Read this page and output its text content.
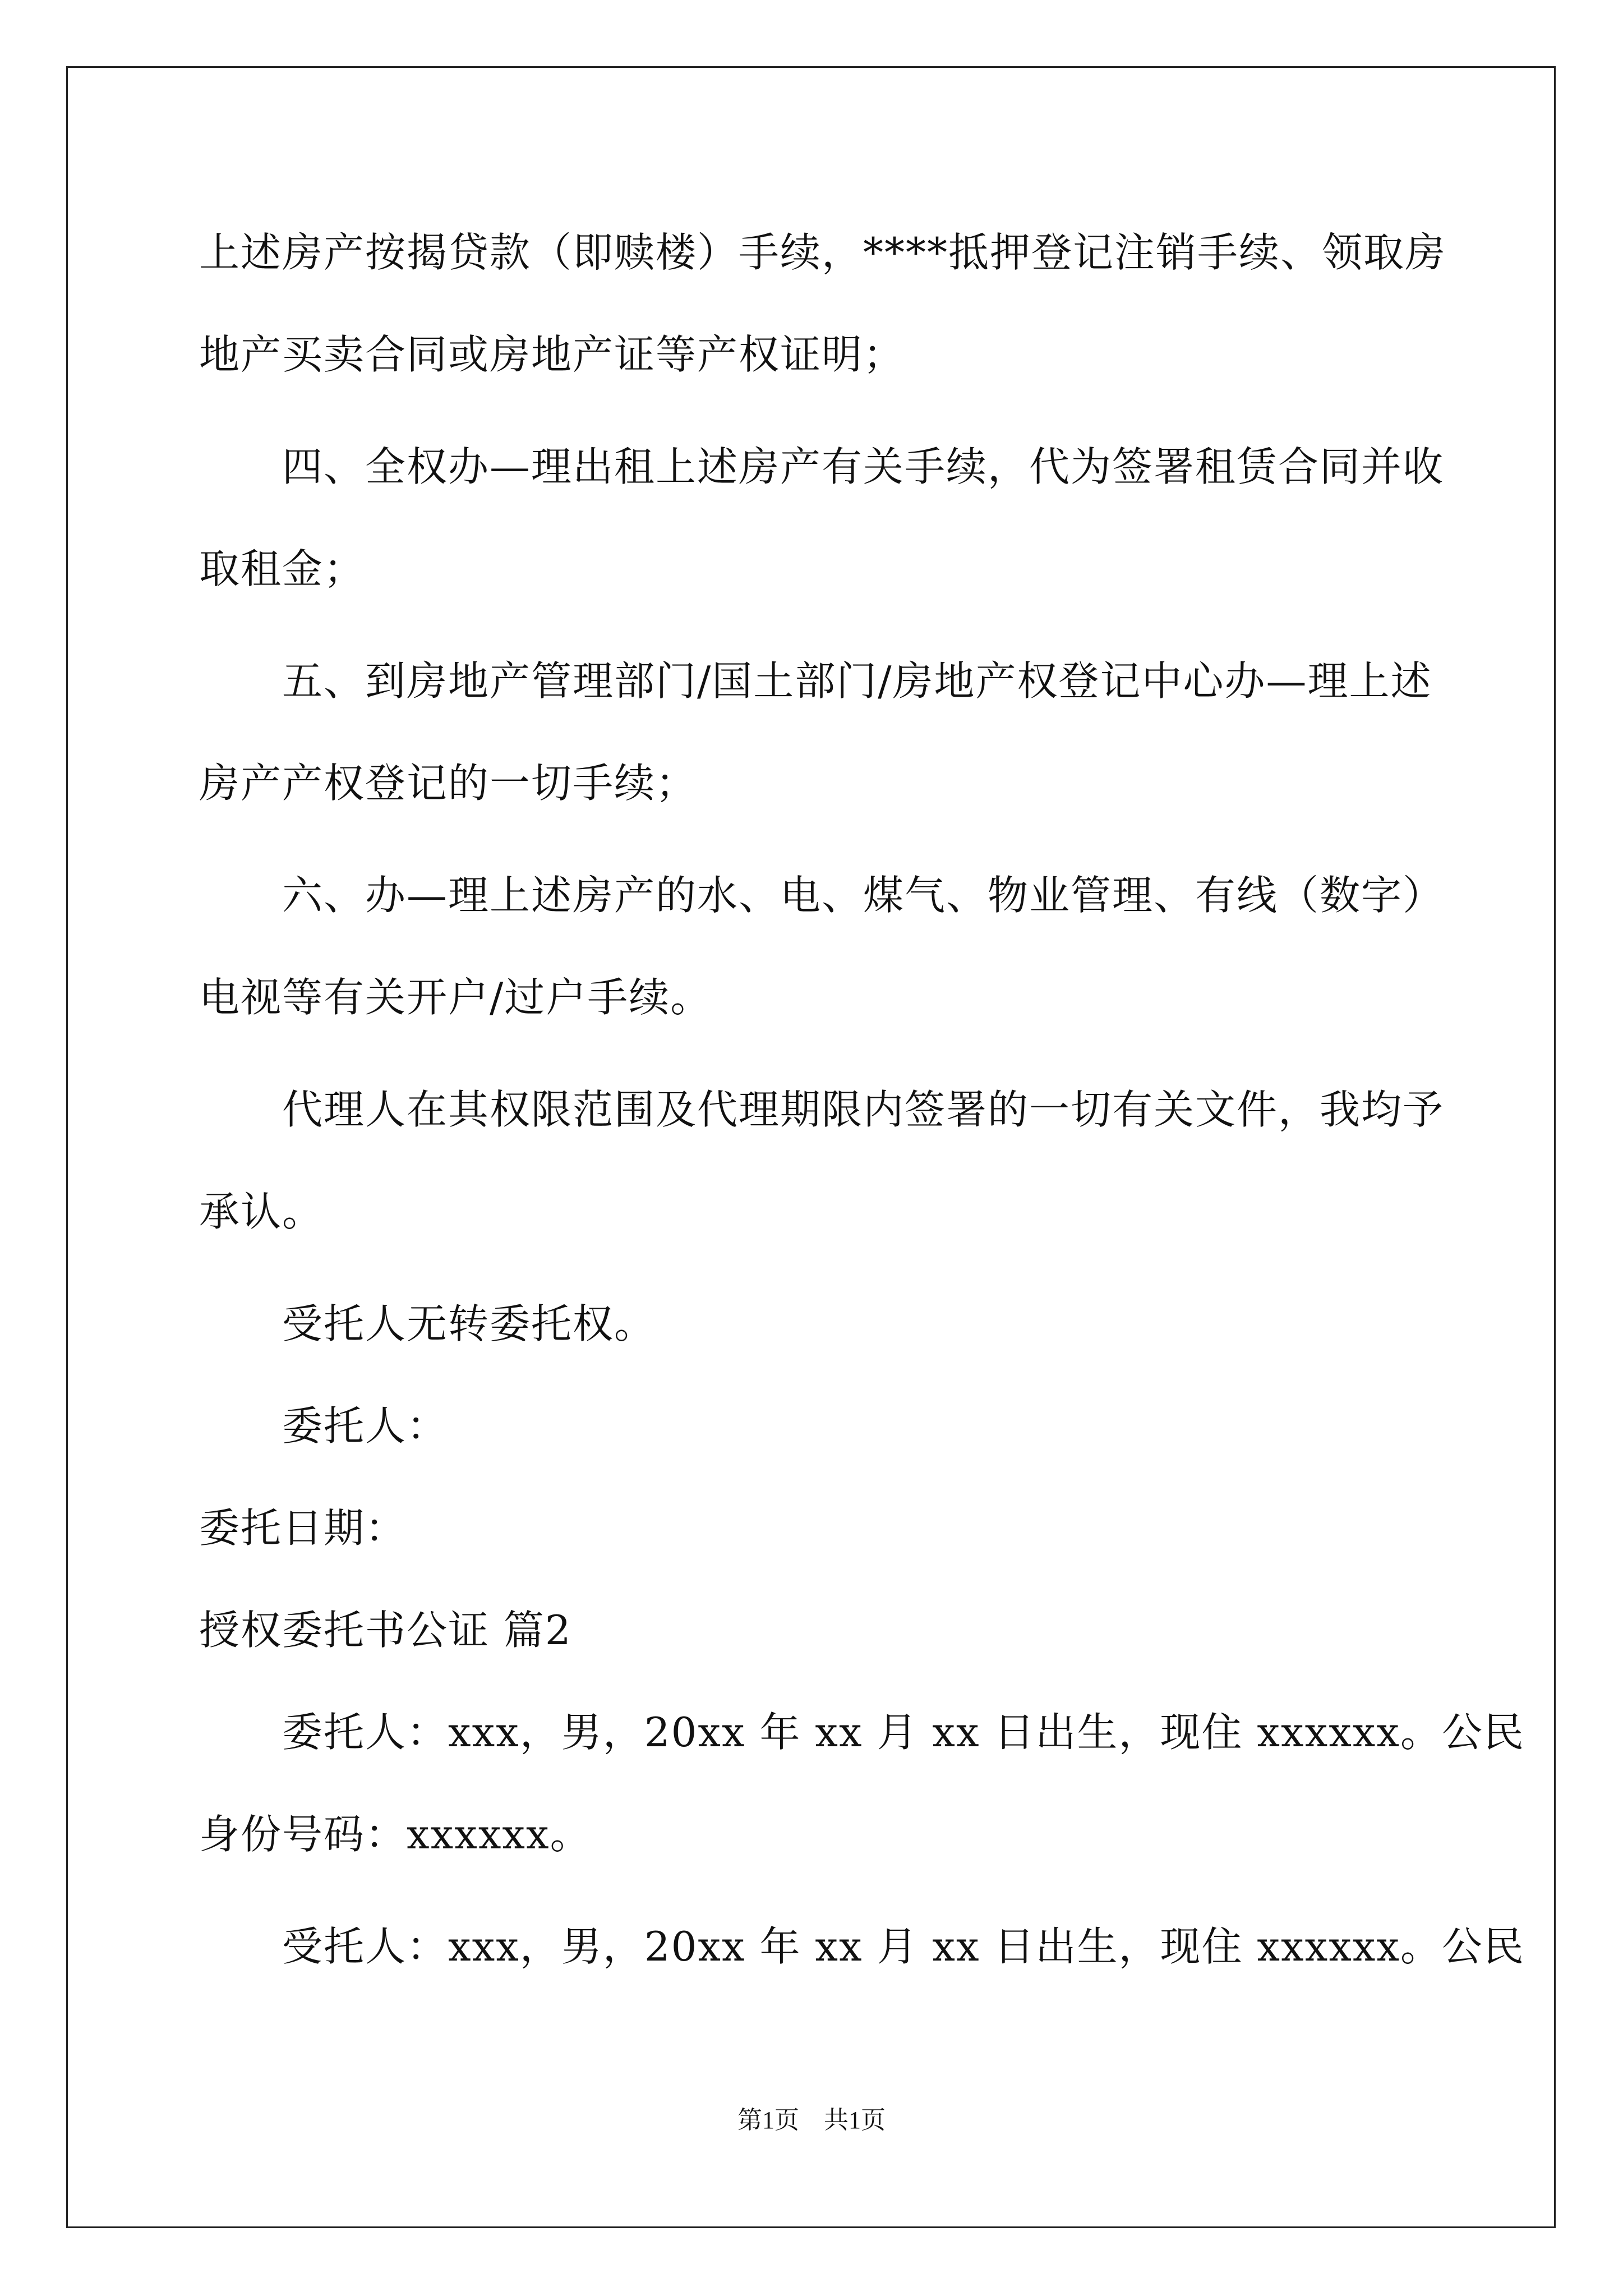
上述房产按揭贷款（即赎楼）手续，****抵押登记注销手续、领取房
地产买卖合同或房地产证等产权证明；
　　四、全权办—理出租上述房产有关手续，代为签署租赁合同并收
取租金；
　　五、到房地产管理部门/国土部门/房地产权登记中心办—理上述
房产产权登记的一切手续；
　　六、办—理上述房产的水、电、煤气、物业管理、有线（数字）
电视等有关开户/过户手续。
　　代理人在其权限范围及代理期限内签署的一切有关文件，我均予
承认。
　　受托人无转委托权。
　　委托人：
委托日期：
授权委托书公证 篇2
　　委托人：xxx，男，20xx 年 xx 月 xx 日出生，现住 xxxxxx。公民
身份号码：xxxxxx。
　　受托人：xxx，男，20xx 年 xx 月 xx 日出生，现住 xxxxxx。公民
第1页　共1页
